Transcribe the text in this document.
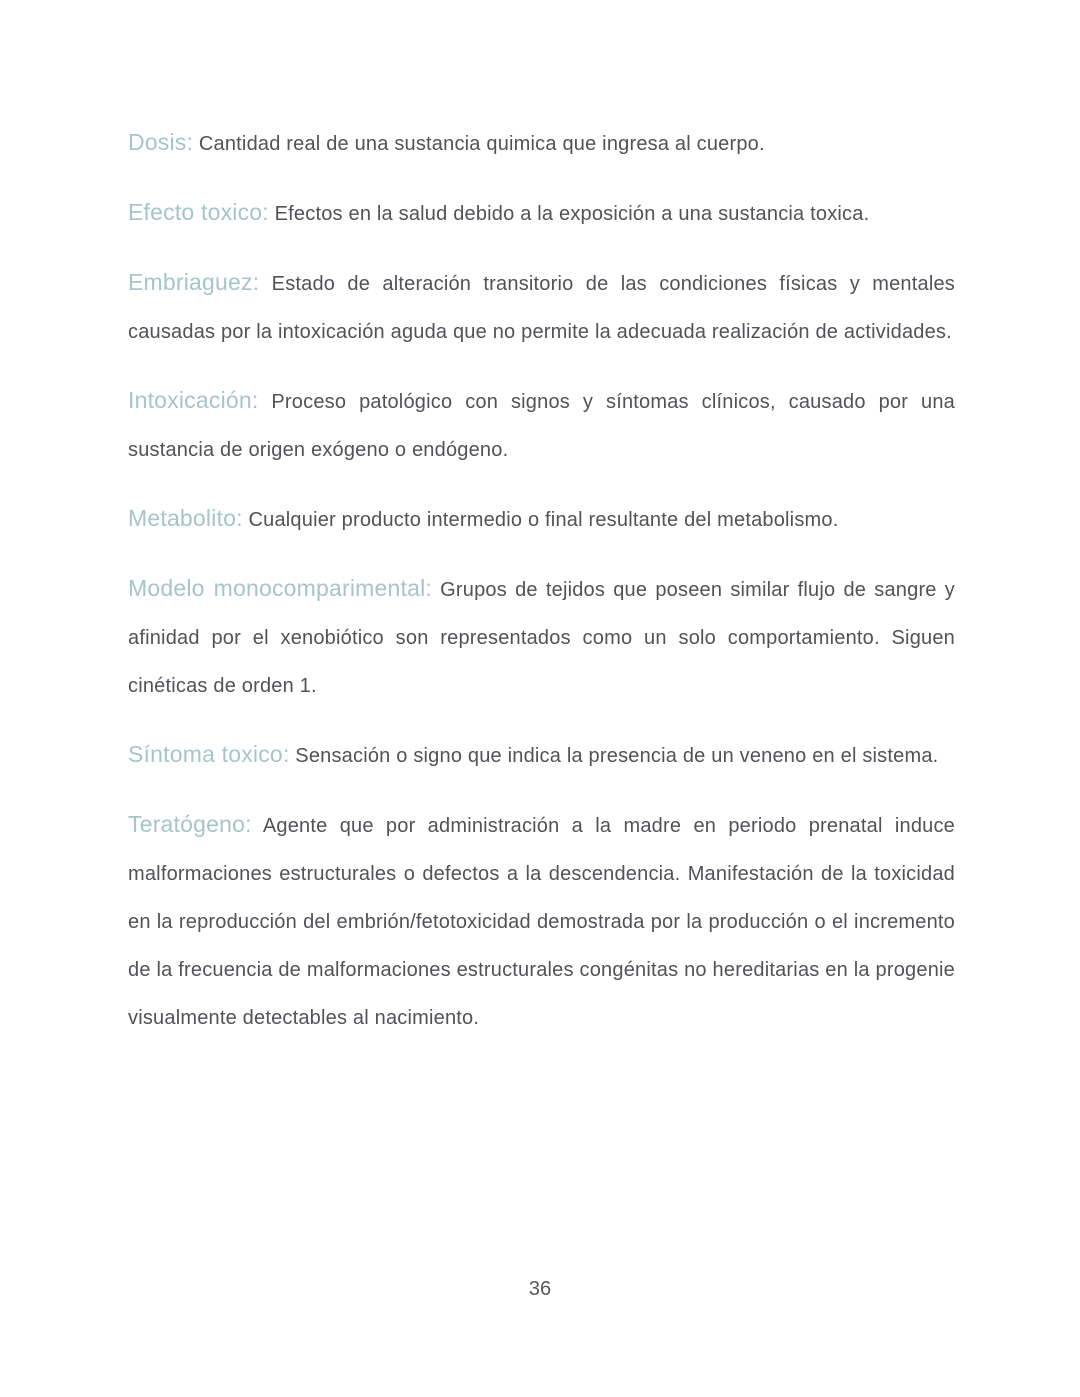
Dosis: Cantidad real de una sustancia quimica que ingresa al cuerpo.

Efecto toxico: Efectos en la salud debido a la exposición a una sustancia toxica.

Embriaguez: Estado de alteración transitorio de las condiciones físicas y mentales causadas por la intoxicación aguda que no permite la adecuada realización de actividades.

Intoxicación: Proceso patológico con signos y síntomas clínicos, causado por una sustancia de origen exógeno o endógeno.

Metabolito: Cualquier producto intermedio o final resultante del metabolismo.

Modelo monocomparimental: Grupos de tejidos que poseen similar flujo de sangre y afinidad por el xenobiótico son representados como un solo comportamiento. Siguen cinéticas de orden 1.

Síntoma toxico: Sensación o signo que indica la presencia de un veneno en el sistema.

Teratógeno: Agente que por administración a la madre en periodo prenatal induce malformaciones estructurales o defectos a la descendencia. Manifestación de la toxicidad en la reproducción del embrión/fetotoxicidad demostrada por la producción o el incremento de la frecuencia de malformaciones estructurales congénitas no hereditarias en la progenie visualmente detectables al nacimiento.

36
